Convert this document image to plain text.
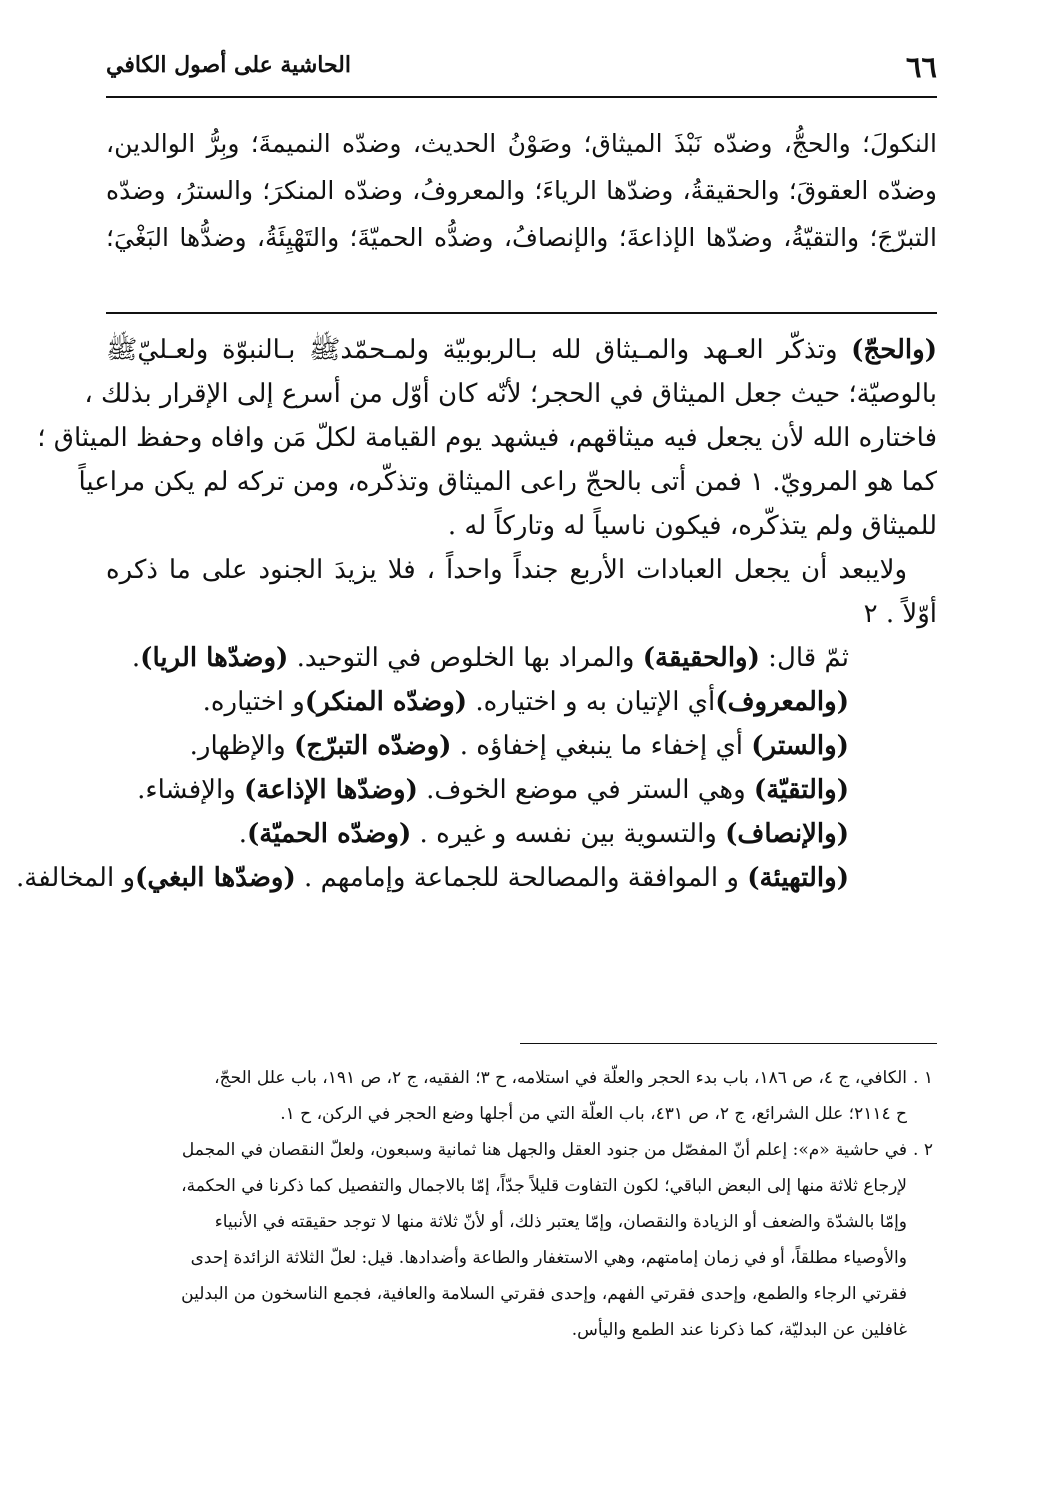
٦٦
الحاشية على أصول الكافي
النكولَ؛ والحجُّ، وضدّه نَبْذَ الميثاق؛ وصَوْنُ الحديث، وضدّه النميمةَ؛ وبِرُّ الوالدين،
وضدّه العقوقَ؛ والحقيقةُ، وضدّها الرياءَ؛ والمعروفُ، وضدّه المنكرَ؛ والسترُ، وضدّه
التبرّجَ؛ والتقيّةُ، وضدّها الإذاعةَ؛ والإنصافُ، وضدُّه الحميّةَ؛ والتَهْيِئَةُ، وضدُّها البَغْيَ؛
(والحجّ) وتذكّر العـهد والمـيثاق لله بـالربوبيّة ولمـحمّدﷺ بـالنبوّة ولعـليّﷺ
بالوصيّة؛ حيث جعل الميثاق في الحجر؛ لأنّه كان أوّل من أسرع إلى الإقرار بذلك ،
فاختاره الله لأن يجعل فيه ميثاقهم، فيشهد يوم القيامة لكلّ مَن وافاه وحفظ الميثاق ؛
كما هو المرويّ. ١ فمن أتى بالحجّ راعى الميثاق وتذكّره، ومن تركه لم يكن مراعياً
للميثاق ولم يتذكّره، فيكون ناسياً له وتاركاً له .
ولايبعد أن يجعل العبادات الأربع جنداً واحداً ، فلا يزيدَ الجنود على ما ذكره
أوّلاً . ٢
ثمّ قال: (والحقيقة) والمراد بها الخلوص في التوحيد. (وضدّها الريا).
(والمعروف)أي الإتيان به و اختياره. (وضدّه المنكر)و اختياره.
(والستر) أي إخفاء ما ينبغي إخفاؤه . (وضدّه التبرّج) والإظهار.
(والتقيّة) وهي الستر في موضع الخوف. (وضدّها الإذاعة) والإفشاء.
(والإنصاف) والتسوية بين نفسه و غيره . (وضدّه الحميّة).
(والتهيئة) و الموافقة والمصالحة للجماعة وإمامهم . (وضدّها البغي)و المخالفة.
١ .الكافي، ج ٤، ص ١٨٦، باب بدء الحجر والعلّة في استلامه، ح ٣؛ الفقيه، ج ٢، ص ١٩١، باب علل الحجّ،
ح ٢١١٤؛ علل الشرائع، ج ٢، ص ٤٣١، باب العلّة التي من أجلها وضع الحجر في الركن، ح ١.
٢ .في حاشية «م»: إعلم أنّ المفصّل من جنود العقل والجهل هنا ثمانية وسبعون، ولعلّ النقصان في المجمل
لإرجاع ثلاثة منها إلى البعض الباقي؛ لكون التفاوت قليلاً جدّاً، إمّا بالاجمال والتفصيل كما ذكرنا في الحكمة،
وإمّا بالشدّة والضعف أو الزيادة والنقصان، وإمّا يعتبر ذلك، أو لأنّ ثلاثة منها لا توجد حقيقته في الأنبياء
والأوصياء مطلقاً، أو في زمان إمامتهم، وهي الاستغفار والطاعة وأضدادها. قيل: لعلّ الثلاثة الزائدة إحدى
فقرتي الرجاء والطمع، وإحدى فقرتي الفهم، وإحدى فقرتي السلامة والعافية، فجمع الناسخون من البدلين
غافلين عن البدليّة، كما ذكرنا عند الطمع واليأس.
